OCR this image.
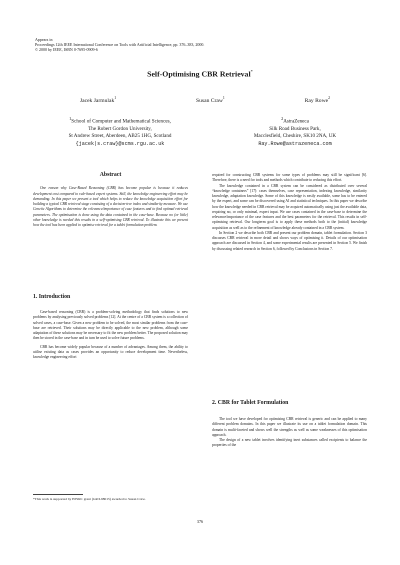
Appears in
Proceedings 12th IEEE International Conference on Tools with Artificial Intelligence, pp. 376–383, 2000.
© 2000 by IEEE, ISBN 0-7695-0909-6
Self-Optimising CBR Retrieval*
Jacek Jarmulak$^1$	Susan Craw$^1$	Ray Rowe$^2$
$^1$School of Computer and Mathematical Sciences,
The Robert Gordon University,
St Andrew Street, Aberdeen, AB25 1HG, Scotland
{jacek|s.craw}@scms.rgu.ac.uk
$^2$AstraZeneca
Silk Road Business Park,
Macclesfield, Cheshire, SK10 2NA, UK
Ray.Rowe@astrazeneca.com
Abstract

One reason why Case-Based Reasoning (CBR) has become popular is because it reduces development cost compared to rule-based expert systems. Still, the knowledge engineering effort may be demanding. In this paper we present a tool which helps to reduce the knowledge acquisition effort for building a typical CBR retrieval stage consisting of a decision-tree index and similarity measure. We use Genetic Algorithms to determine the relevance/importance of case features and to find optimal retrieval parameters. The optimisation is done using the data contained in the case-base. Because no (or little) other knowledge is needed this results in a self-optimising CBR retrieval. To illustrate this we present how the tool has been applied to optimise retrieval for a tablet formulation problem.

1. Introduction

Case-based reasoning (CBR) is a problem-solving methodology that finds solutions to new problems by analysing previously solved problems [12]. At the centre of a CBR system is a collection of solved cases, a case-base. Given a new problem to be solved, the most similar problems from the case-base are retrieved. Their solutions may be directly applicable to the new problem, although some adaptation of these solutions may be necessary to fit the new problem better. The proposed solution may then be stored in the case-base and in turn be used to solve future problems.

CBR has become widely popular because of a number of advantages. Among them, the ability to utilise existing data as cases provides an opportunity to reduce development time. Nevertheless, knowledge engineering effort

*This work is supported by EPSRC grant (GR/L98015) awarded to Susan Craw.

required for constructing CBR systems for some types of problems may still be significant [6]. Therefore, there is a need for tools and methods which contribute to reducing this effort.

The knowledge contained in a CBR system can be considered as distributed over several “knowledge containers” [17]: cases themselves, case representation, indexing knowledge, similarity knowledge, adaptation knowledge. Some of this knowledge is easily available, some has to be entered by the expert, and some can be discovered using AI and statistical techniques. In this paper we describe how the knowledge needed in CBR retrieval may be acquired automatically using just the available data, requiring no, or only minimal, expert input. We use cases contained in the case-base to determine the relevance/importance of the case features and the best parameters for the retrieval. This results in self-optimising retrieval. Our longterm goal is to apply these methods both to the (initial) knowledge acquisition as well as to the refinement of knowledge already contained in a CBR system.

In Section 2 we describe both CBR and present our problem domain, tablet formulation. Section 3 discusses CBR retrieval in more detail and shows ways of optimising it. Details of our optimisation approach are discussed in Section 4, and some experimental results are presented in Section 5. We finish by discussing related research in Section 6, followed by Conclusions in Section 7.

2. CBR for Tablet Formulation

The tool we have developed for optimising CBR retrieval is generic and can be applied to many different problem domains. In this paper we illustrate its use on a tablet formulation domain. This domain is multi-faceted and shows well the strengths as well as some weaknesses of this optimisation approach.

The design of a new tablet involves identifying inert substances called excipients to balance the properties of the

376
